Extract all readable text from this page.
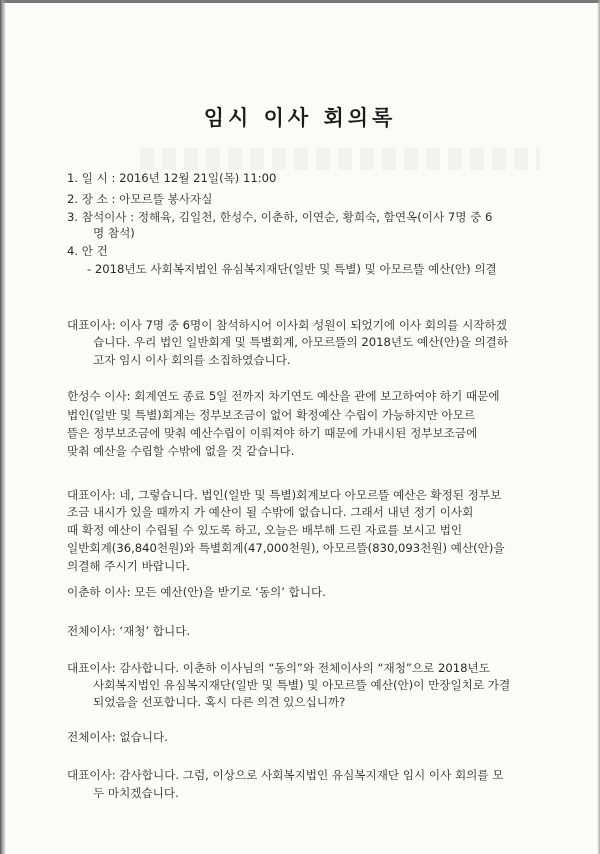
임시 이사 회의록
1. 일 시 : 2016년 12월 21일(목) 11:00
2. 장 소 : 아모르뜰 봉사자실
3. 참석이사 : 정해육, 김일천, 한성수, 이춘하, 이연순, 황희숙, 함연옥(이사 7명 중 6
명 참석)
4. 안 건
- 2018년도 사회복지법인 유심복지재단(일반 및 특별) 및 아모르뜰 예산(안) 의결
대표이사: 이사 7명 중 6명이 참석하시어 이사회 성원이 되었기에 이사 회의를 시작하겠
습니다. 우리 법인 일반회계 및 특별회계, 아모르뜰의 2018년도 예산(안)을 의결하
고자 임시 이사 회의를 소집하였습니다.
한성수 이사: 회계연도 종료 5일 전까지 차기연도 예산을 관에 보고하여야 하기 때문에
법인(일반 및 특별)회계는 정부보조금이 없어 확정예산 수립이 가능하지만 아모르
뜰은 정부보조금에 맞춰 예산수립이 이뤄져야 하기 때문에 가내시된 정부보조금에
맞춰 예산을 수립할 수밖에 없을 것 같습니다.
대표이사: 네, 그렇습니다. 법인(일반 및 특별)회계보다 아모르뜰 예산은 확정된 정부보
조금 내시가 있을 때까지 가 예산이 될 수밖에 없습니다. 그래서 내년 정기 이사회
때 확정 예산이 수립될 수 있도록 하고, 오늘은 배부해 드린 자료를 보시고 법인
일반회계(36,840천원)와 특별회계(47,000천원), 아모르뜰(830,093천원) 예산(안)을
의결해 주시기 바랍니다.
이춘하 이사: 모든 예산(안)을 받기로 ‘동의’ 합니다.
전체이사: ‘재청’ 합니다.
대표이사: 감사합니다. 이춘하 이사님의 “동의”와 전체이사의 “재청”으로 2018년도
사회복지법인 유심복지재단(일반 및 특별) 및 아모르뜰 예산(안)이 만장일치로 가결
되었음을 선포합니다. 혹시 다른 의견 있으십니까?
전체이사: 없습니다.
대표이사: 감사합니다. 그럼, 이상으로 사회복지법인 유심복지재단 임시 이사 회의를 모
두 마치겠습니다.
